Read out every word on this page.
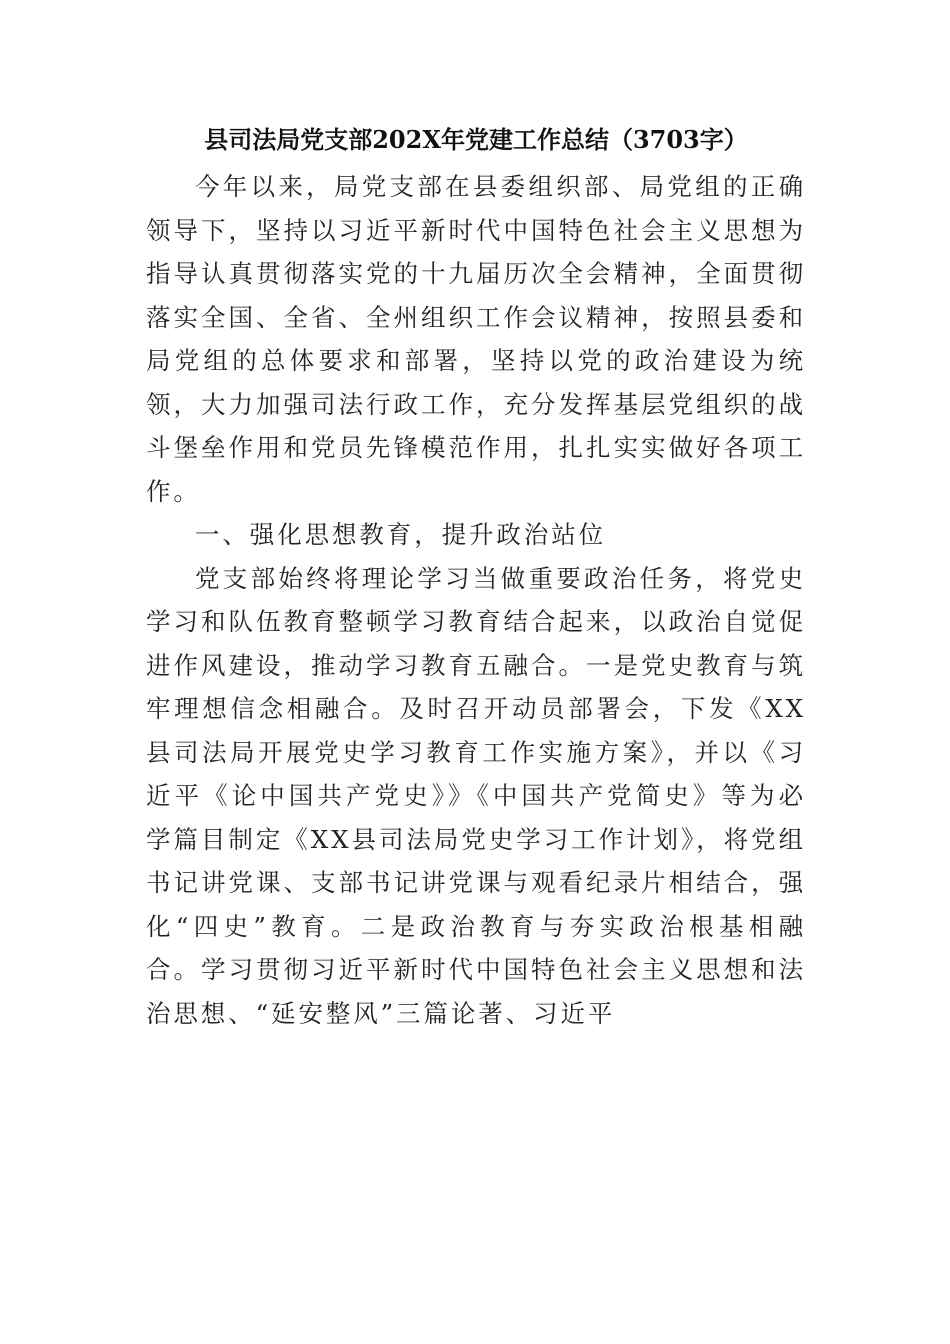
县司法局党支部202X年党建工作总结（3703字）

今年以来，局党支部在县委组织部、局党组的正确领导下，坚持以习近平新时代中国特色社会主义思想为指导认真贯彻落实党的十九届历次全会精神，全面贯彻落实全国、全省、全州组织工作会议精神，按照县委和局党组的总体要求和部署，坚持以党的政治建设为统领，大力加强司法行政工作，充分发挥基层党组织的战斗堡垒作用和党员先锋模范作用，扎扎实实做好各项工作。

一、强化思想教育，提升政治站位

党支部始终将理论学习当做重要政治任务，将党史学习和队伍教育整顿学习教育结合起来，以政治自觉促进作风建设，推动学习教育五融合。一是党史教育与筑牢理想信念相融合。及时召开动员部署会，下发《XX县司法局开展党史学习教育工作实施方案》，并以《习近平《论中国共产党史》》《中国共产党简史》等为必学篇目制定《XX县司法局党史学习工作计划》，将党组书记讲党课、支部书记讲党课与观看纪录片相结合，强化“四史”教育。二是政治教育与夯实政治根基相融合。学习贯彻习近平新时代中国特色社会主义思想和法治思想、“延安整风”三篇论著、习近平
